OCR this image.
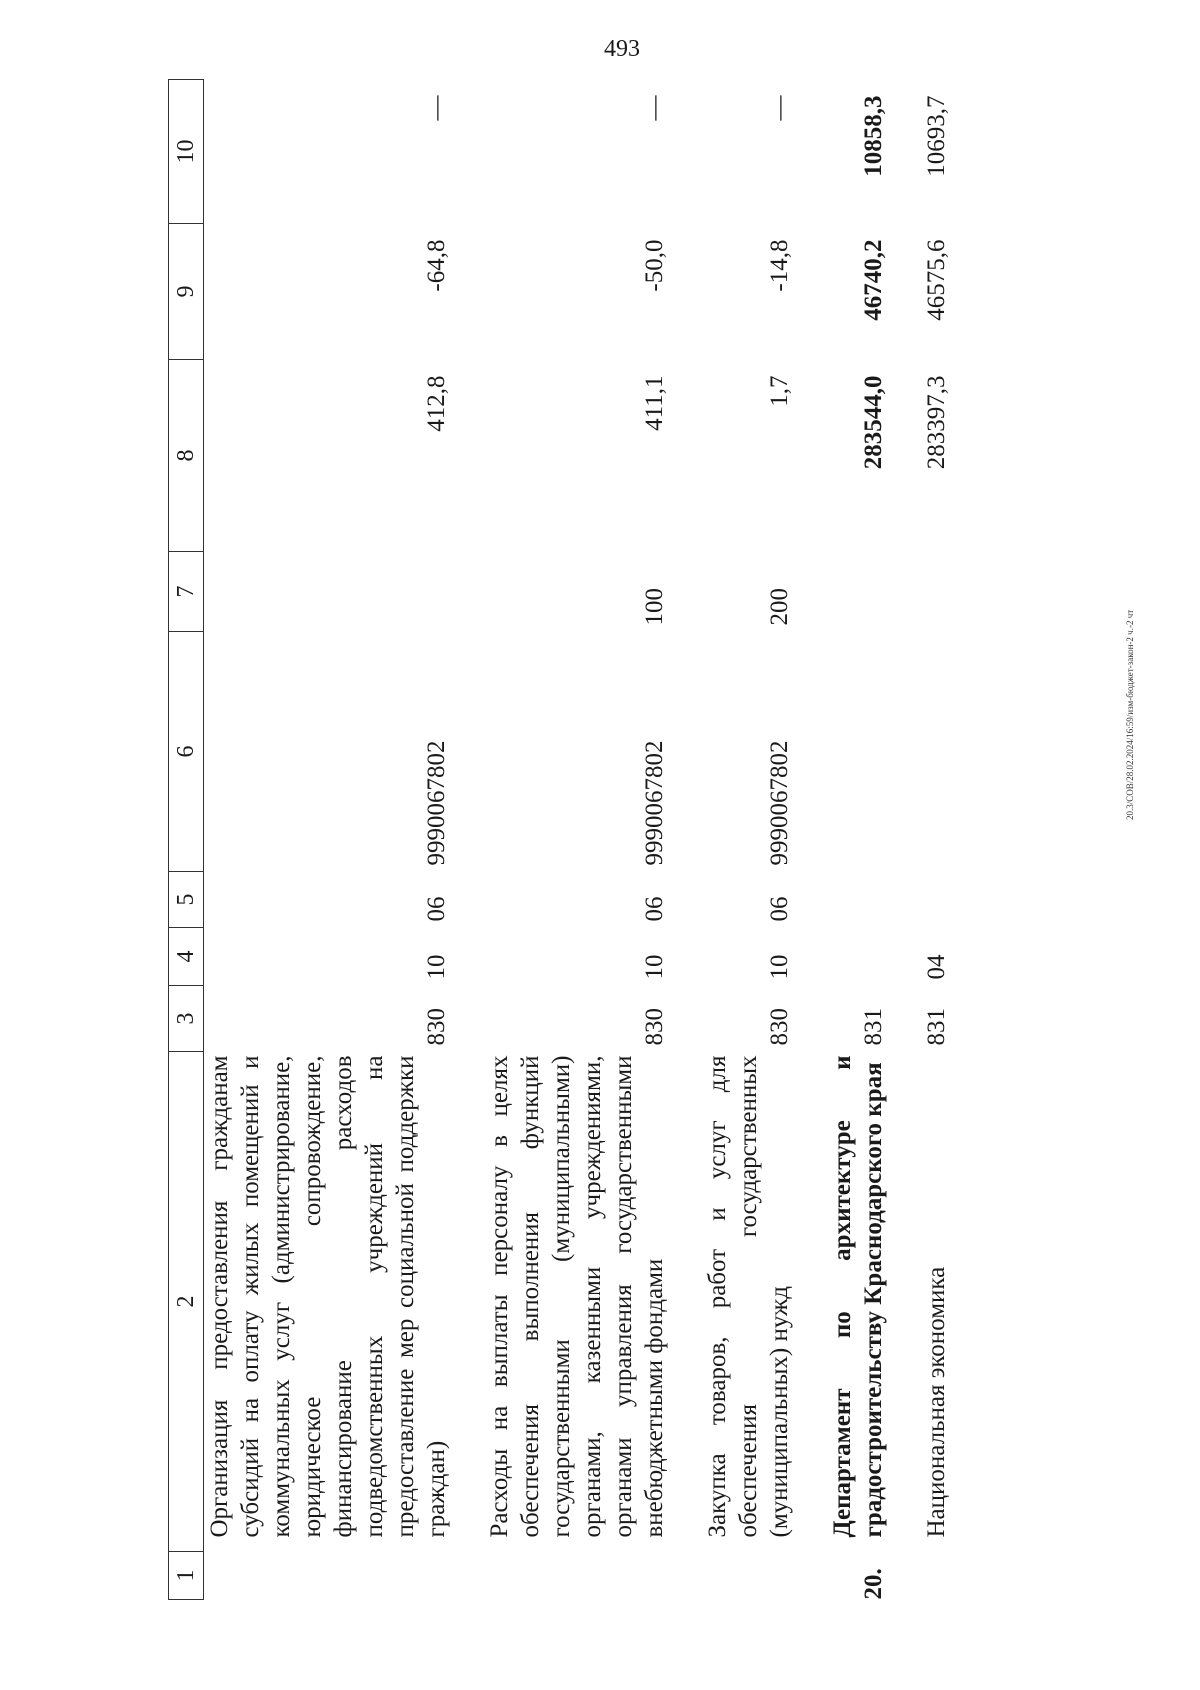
493
1	2	3	4	5	6	7	8	9	10
	Организация предоставления гражданам субсидий на оплату жилых помещений и коммунальных услуг (администрирование, юридическое сопровождение, финансирование расходов подведомственных учреждений на предоставление мер социальной поддержки граждан)	830	10	06	9990067802		412,8	-64,8	—
	Расходы на выплаты персоналу в целях обеспечения выполнения функций государственными (муниципальными) органами, казенными учреждениями, органами управления государственными внебюджетными фондами	830	10	06	9990067802	100	411,1	-50,0	—
	Закупка товаров, работ и услуг для обеспечения государственных (муниципальных) нужд	830	10	06	9990067802	200	1,7	-14,8	—
20.	Департамент по архитектуре и градостроительству Краснодарского края	831					283544,0	46740,2	10858,3
	Национальная экономика	831	04				283397,3	46575,6	10693,7
20.3/СОВ/28.02.2024/16:59/изм-бюджет-закон-2 ч.-2 чт
